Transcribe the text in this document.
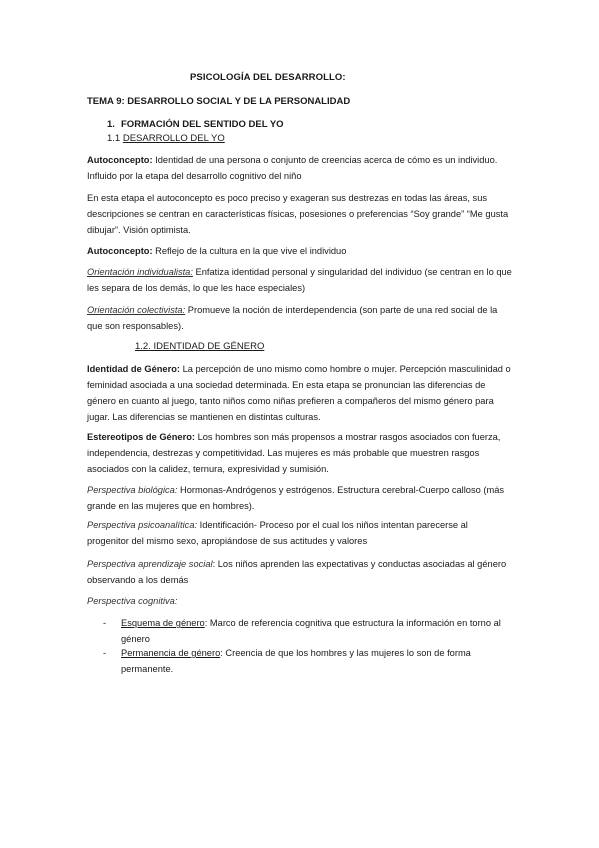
PSICOLOGÍA DEL DESARROLLO:

TEMA 9: DESARROLLO SOCIAL Y DE LA PERSONALIDAD

1. FORMACIÓN DEL SENTIDO DEL YO

1.1 DESARROLLO DEL YO

Autoconcepto: Identidad de una persona o conjunto de creencias acerca de cómo es un individuo. Influido por la etapa del desarrollo cognitivo del niño

En esta etapa el autoconcepto es poco preciso y exageran sus destrezas en todas las áreas, sus descripciones se centran en características físicas, posesiones o preferencias “Soy grande” “Me gusta dibujar”. Visión optimista.

Autoconcepto: Reflejo de la cultura en la que vive el individuo

Orientación individualista: Enfatiza identidad personal y singularidad del individuo (se centran en lo que les separa de los demás, lo que les hace especiales)

Orientación colectivista: Promueve la noción de interdependencia (son parte de una red social de la que son responsables).

1.2. IDENTIDAD DE GÉNERO

Identidad de Género: La percepción de uno mismo como hombre o mujer. Percepción masculinidad o feminidad asociada a una sociedad determinada. En esta etapa se pronuncian las diferencias de género en cuanto al juego, tanto niños como niñas prefieren a compañeros del mismo género para jugar. Las diferencias se mantienen en distintas culturas.

Estereotipos de Género: Los hombres son más propensos a mostrar rasgos asociados con fuerza, independencia, destrezas y competitividad. Las mujeres es más probable que muestren rasgos asociados con la calidez, ternura, expresividad y sumisión.

Perspectiva biológica: Hormonas-Andrógenos y estrógenos. Estructura cerebral-Cuerpo calloso (más grande en las mujeres que en hombres).

Perspectiva psicoanalítica: Identificación- Proceso por el cual los niños intentan parecerse al progenitor del mismo sexo, apropiándose de sus actitudes y valores

Perspectiva aprendizaje social: Los niños aprenden las expectativas y conductas asociadas al género observando a los demás

Perspectiva cognitiva:

- Esquema de género: Marco de referencia cognitiva que estructura la información en torno al género
- Permanencia de género: Creencia de que los hombres y las mujeres lo son de forma permanente.
